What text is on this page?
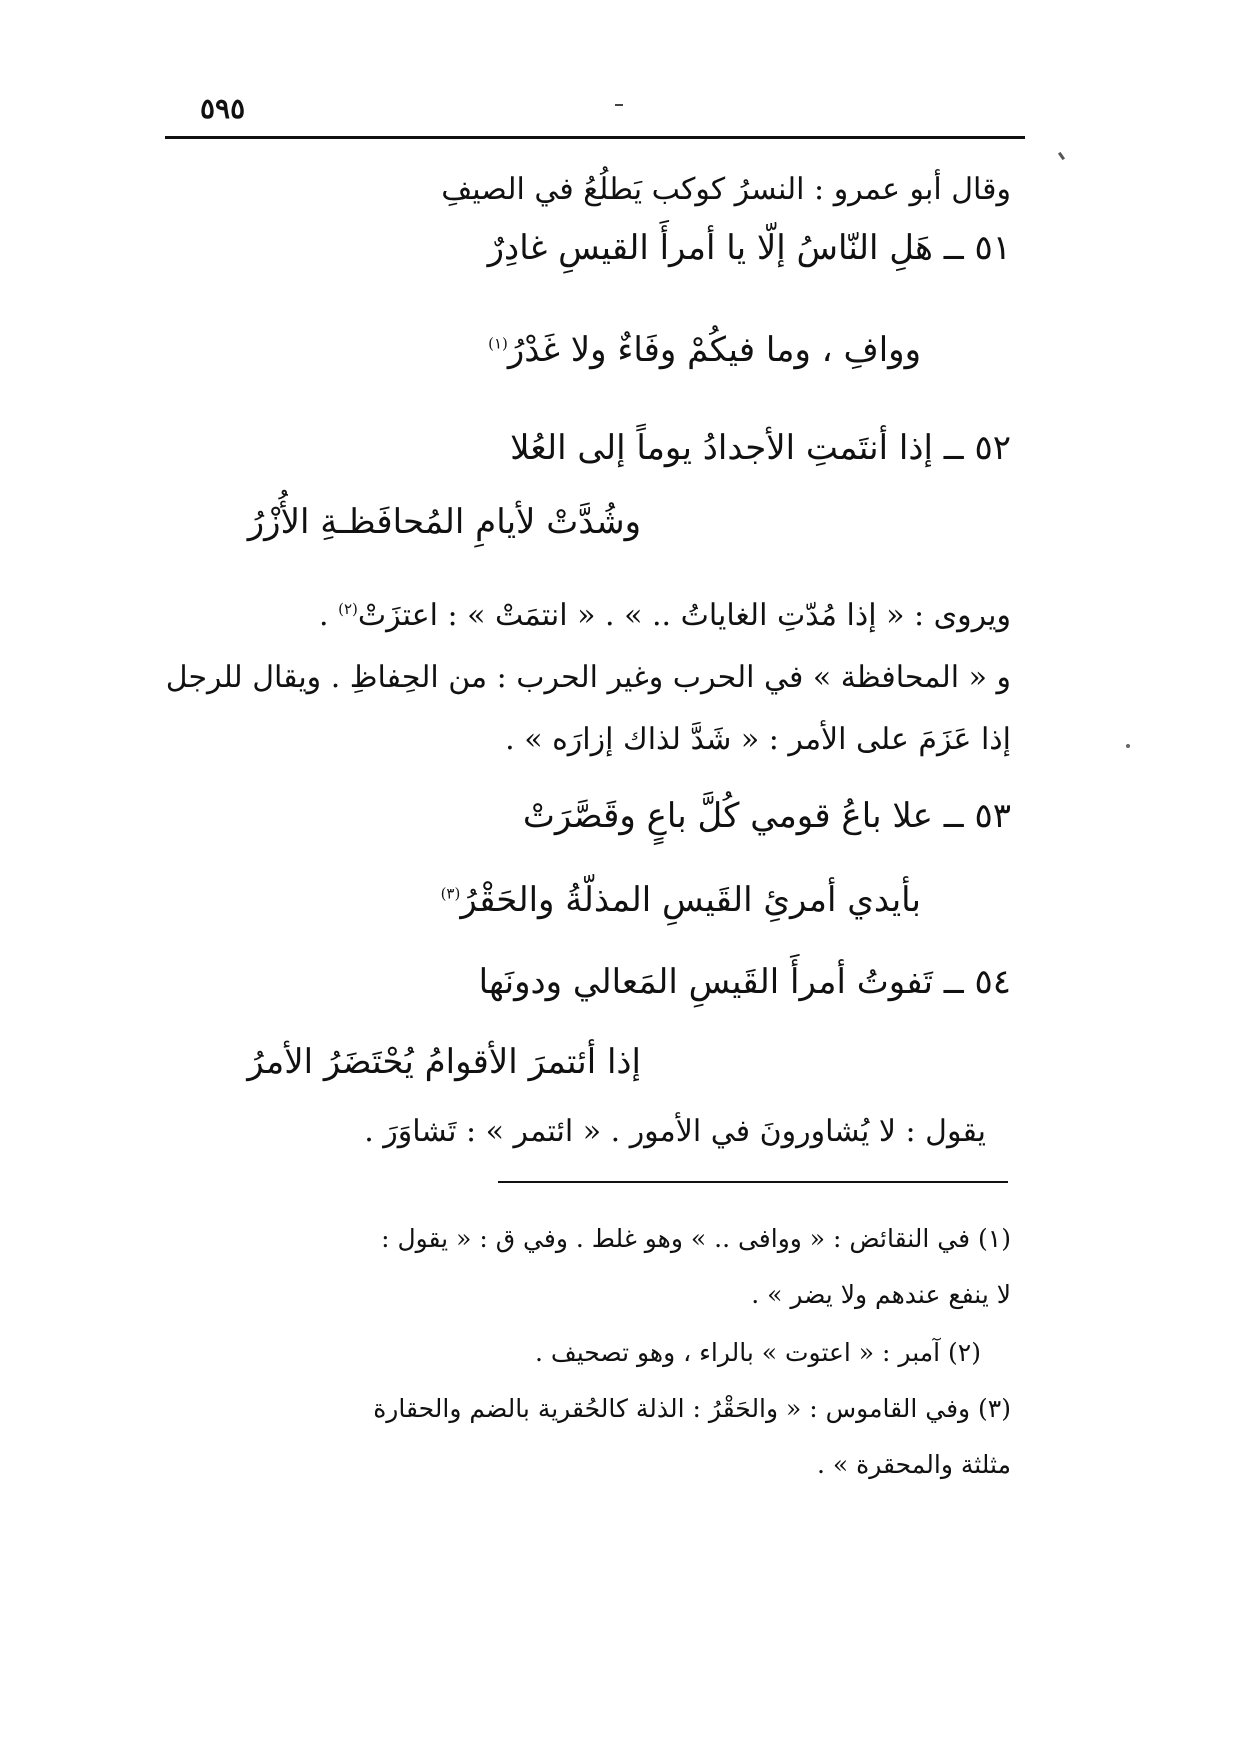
٥٩٥
وقال أبو عمرو : النسرُ كوكب يَطلُعُ في الصيفِ
٥١ ــ هَلِ النّاسُ إلّا يا أمرأَ القيسِ غادِرٌ
ووافِ ، وما فيكُمْ وفَاءٌ ولا غَدْرُ$^{(١)}$
٥٢ ــ إذا أنتَمتِ الأجدادُ يوماً إلى العُلا
وشُدَّتْ لأيامِ المُحافَظـةِ الأُزْرُ
ويروى : « إذا مُدّتِ الغاياتُ .. » . « انتمَتْ » : اعتزَتْ$^{(٢)}$ .
و « المحافظة » في الحرب وغير الحرب : من الحِفاظِ . ويقال للرجل
إذا عَزَمَ على الأمر : « شَدَّ لذاك إزارَه » .
٥٣ ــ علا باعُ قومي كُلَّ باعٍ وقَصَّرَتْ
بأيدي أمرئِ القَيسِ المذلّةُ والحَقْرُ$^{(٣)}$
٥٤ ــ تَفوتُ أمرأَ القَيسِ المَعالي ودونَها
إذا أئتمرَ الأقوامُ يُحْتَضَرُ الأمرُ
يقول : لا يُشاورونَ في الأمور . « ائتمر » : تَشاوَرَ .
(١) في النقائض : « ووافى .. » وهو غلط . وفي ق : « يقول :
لا ينفع عندهم ولا يضر » .
(٢) آمبر : « اعتوت » بالراء ، وهو تصحيف .
(٣) وفي القاموس : « والحَقْرُ : الذلة كالحُقرية بالضم والحقارة
مثلثة والمحقرة » .
